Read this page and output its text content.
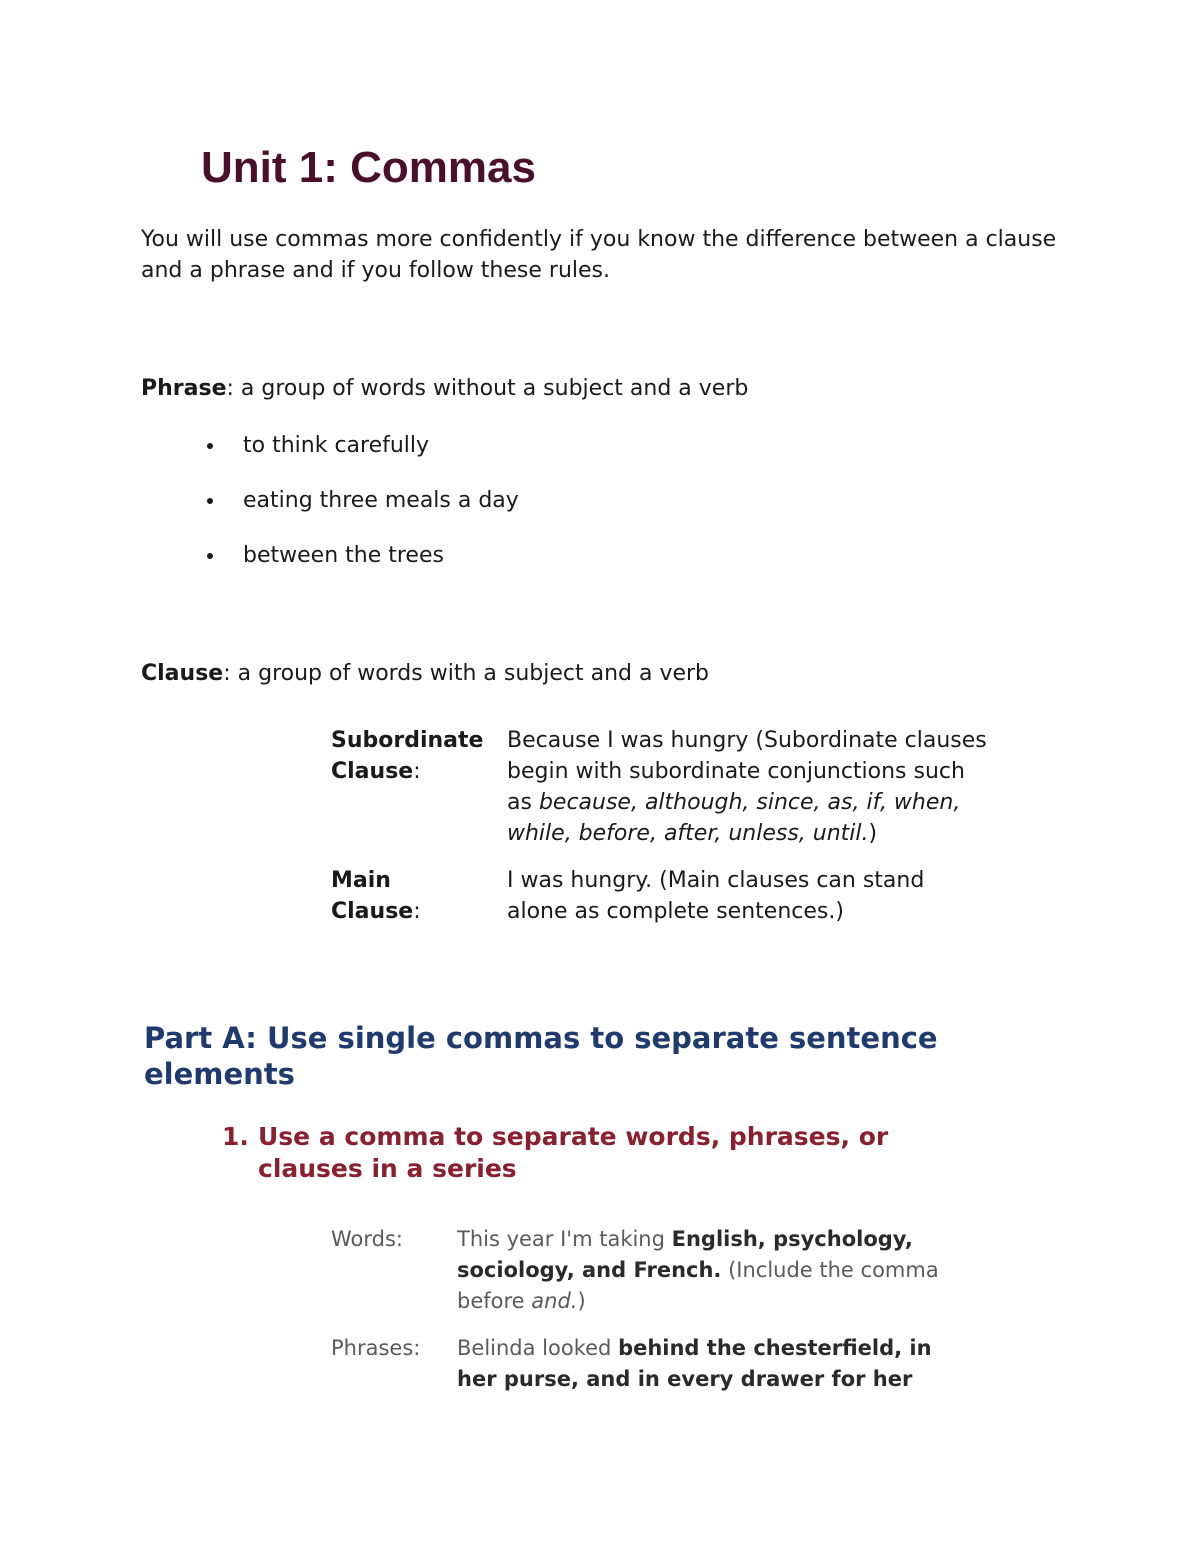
Unit 1: Commas

You will use commas more confidently if you know the difference between a clause and a phrase and if you follow these rules.

Phrase: a group of words without a subject and a verb

to think carefully
eating three meals a day
between the trees

Clause: a group of words with a subject and a verb

Subordinate
Clause:
Because I was hungry (Subordinate clauses begin with subordinate conjunctions such as because, although, since, as, if, when, while, before, after, unless, until.)
Main
Clause:
I was hungry. (Main clauses can stand alone as complete sentences.)
Part A: Use single commas to separate sentence elements
1. Use a comma to separate words, phrases, or clauses in a series
Words:	This year I'm taking English, psychology, sociology, and French. (Include the comma before and.)
Phrases:	Belinda looked behind the chesterfield, in her purse, and in every drawer for her
